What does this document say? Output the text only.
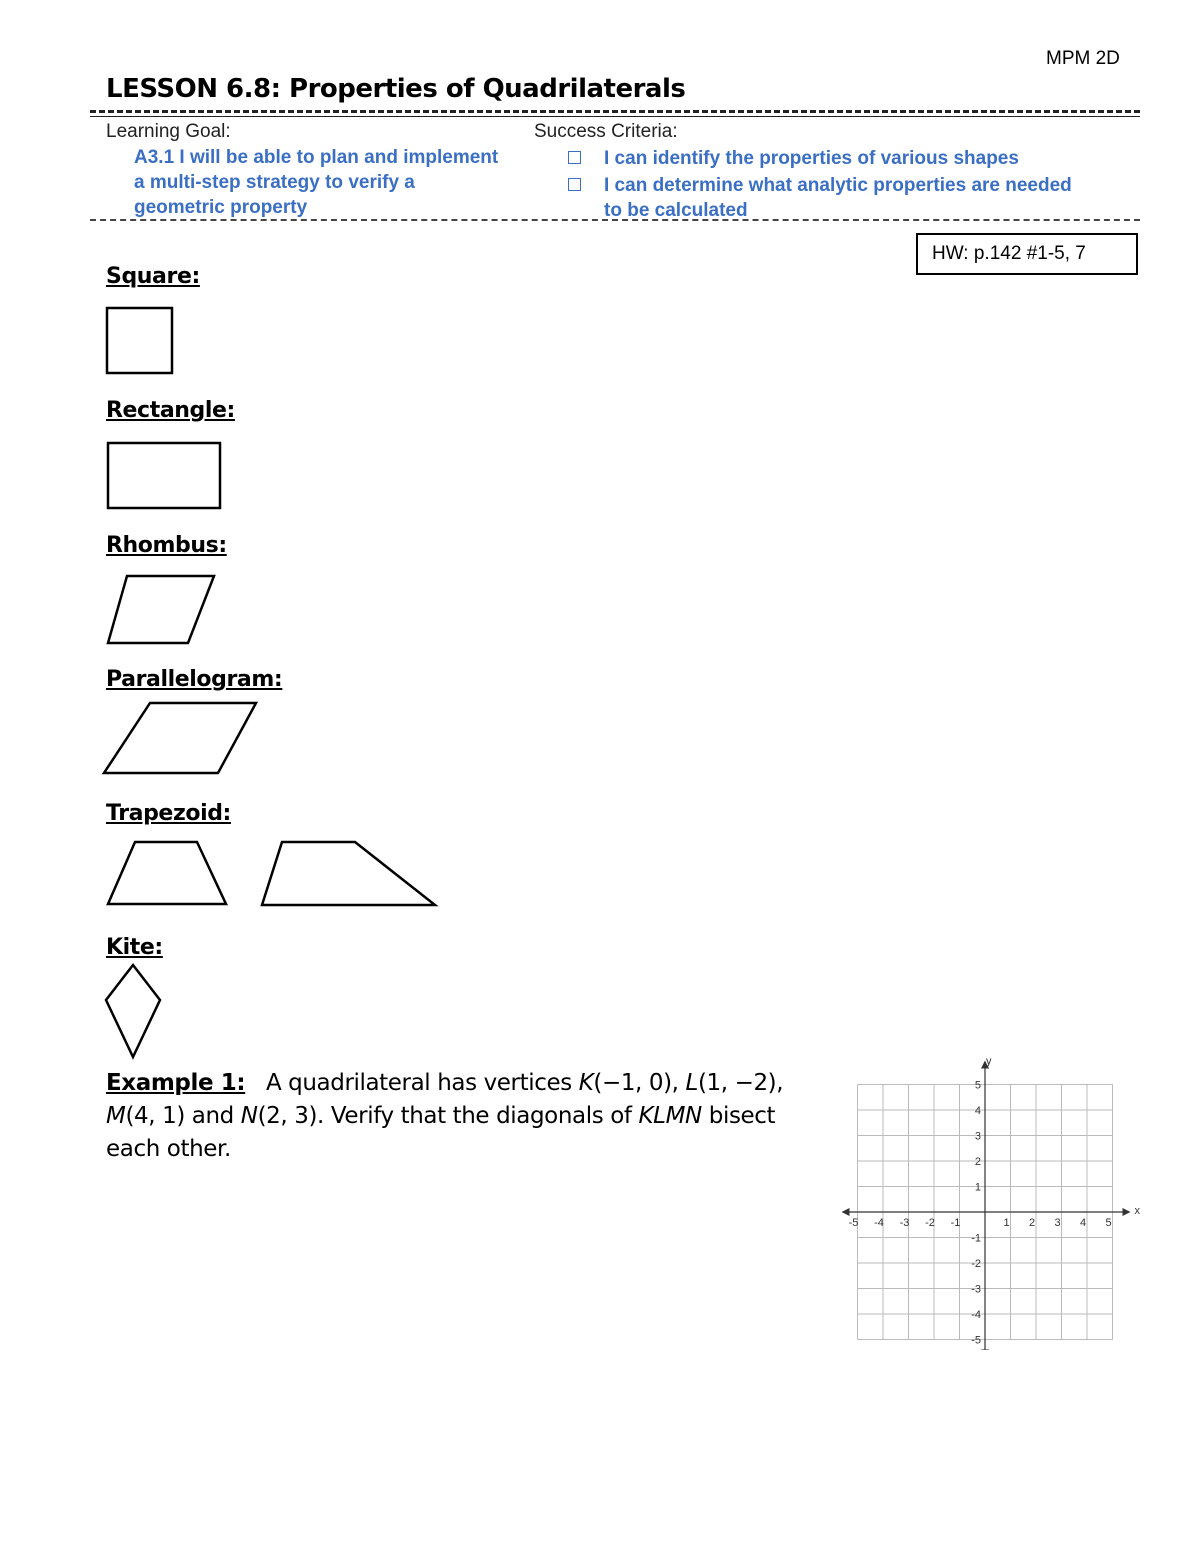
MPM 2D
LESSON 6.8: Properties of Quadrilaterals
Learning Goal:	Success Criteria:
A3.1 I will be able to plan and implement a multi-step strategy to verify a geometric property
I can identify the properties of various shapes
I can determine what analytic properties are needed to be calculated
HW: p.142 #1-5, 7
Square:
Rectangle:
Rhombus:
Parallelogram:
Trapezoid:
Kite:
Example 1: A quadrilateral has vertices K(−1, 0), L(1, −2), M(4, 1) and N(2, 3). Verify that the diagonals of KLMN bisect each other.
-5 -4 -3 -2 -1	1 2 3 4 5
5
4
3
2
1
-1
-2
-3
-4
-5
x
y
